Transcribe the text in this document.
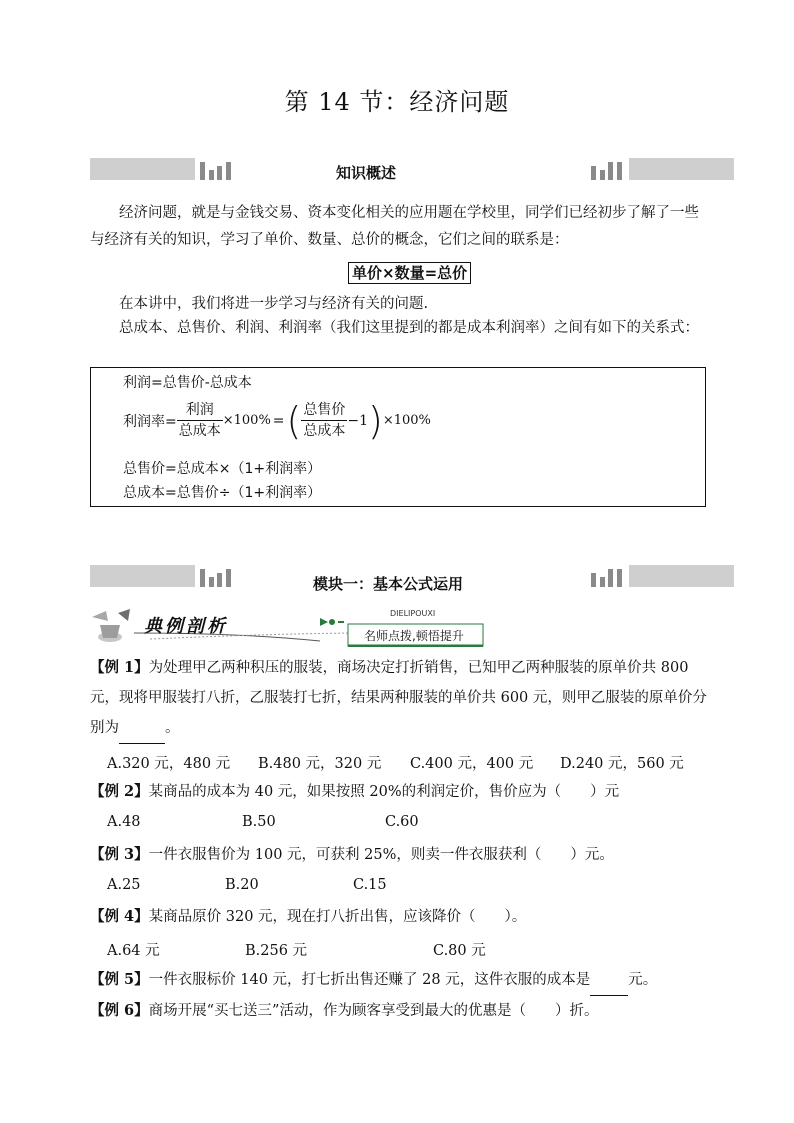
第 14 节：经济问题
知识概述
经济问题，就是与金钱交易、资本变化相关的应用题在学校里，同学们已经初步了解了一些与经济有关的知识，学习了单价、数量、总价的概念，它们之间的联系是：
单价×数量=总价
在本讲中，我们将进一步学习与经济有关的问题.
总成本、总售价、利润、利润率（我们这里提到的都是成本利润率）之间有如下的关系式：
利润=总售价-总成本
利润率= $\frac{\text{利润}}{\text{总成本}} \times 100\%$ = ( $\frac{\text{总售价}}{\text{总成本}} -1$ ) ×100%
总售价=总成本×（1+利润率）
总成本=总售价÷（1+利润率）
模块一：基本公式运用
典例剖析
DIELIPOUXI
名师点拨,顿悟提升
【例 1】为处理甲乙两种积压的服装，商场决定打折销售，已知甲乙两种服装的原单价共 800 元，现将甲服装打八折，乙服装打七折，结果两种服装的单价共 600 元，则甲乙服装的原单价分别为	。
A.320 元，480 元 B.480 元，320 元 C.400 元，400 元 D.240 元，560 元
【例 2】某商品的成本为 40 元，如果按照 20%的利润定价，售价应为（　　）元
A.48	B.50	C.60
【例 3】一件衣服售价为 100 元，可获利 25%，则卖一件衣服获利（　　）元。
A.25	B.20	C.15
【例 4】某商品原价 320 元，现在打八折出售，应该降价（　　）。
A.64 元	B.256 元	C.80 元
【例 5】一件衣服标价 140 元，打七折出售还赚了 28 元，这件衣服的成本是	元。
【例 6】商场开展“买七送三”活动，作为顾客享受到最大的优惠是（　　）折。
